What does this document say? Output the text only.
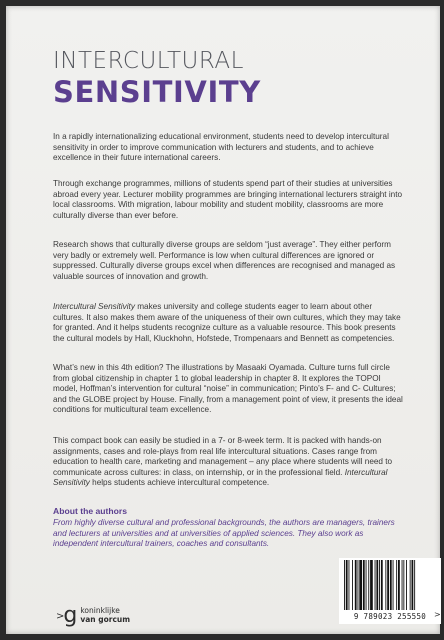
INTERCULTURAL
SENSITIVITY
In a rapidly internationalizing educational environment, students need to develop intercultural sensitivity in order to improve communication with lecturers and students, and to achieve excellence in their future international careers.
Through exchange programmes, millions of students spend part of their studies at universities abroad every year. Lecturer mobility programmes are bringing international lecturers straight into local classrooms. With migration, labour mobility and student mobility, classrooms are more culturally diverse than ever before.
Research shows that culturally diverse groups are seldom “just average”. They either perform very badly or extremely well. Performance is low when cultural differences are ignored or suppressed. Culturally diverse groups excel when differences are recognised and managed as valuable sources of innovation and growth.
Intercultural Sensitivity makes university and college students eager to learn about other cultures. It also makes them aware of the uniqueness of their own cultures, which they may take for granted. And it helps students recognize culture as a valuable resource. This book presents the cultural models by Hall, Kluckhohn, Hofstede, Trompenaars and Bennett as competencies.
What’s new in this 4th edition? The illustrations by Masaaki Oyamada. Culture turns full circle from global citizenship in chapter 1 to global leadership in chapter 8. It explores the TOPOI model, Hoffman’s intervention for cultural “noise” in communication; Pinto’s F- and C- Cultures; and the GLOBE project by House. Finally, from a management point of view, it presents the ideal conditions for multicultural team excellence.
This compact book can easily be studied in a 7- or 8-week term. It is packed with hands-on assignments, cases and role-plays from real life intercultural situations. Cases range from education to health care, marketing and management – any place where students will need to communicate across cultures: in class, on internship, or in the professional field. Intercultural Sensitivity helps students achieve intercultural competence.
About the authors
From highly diverse cultural and professional backgrounds, the authors are managers, trainers and lecturers at universities and at universities of applied sciences. They also work as independent intercultural trainers, coaches and consultants.
> g koninklijke
van gorcum	9 789023 255550 >
